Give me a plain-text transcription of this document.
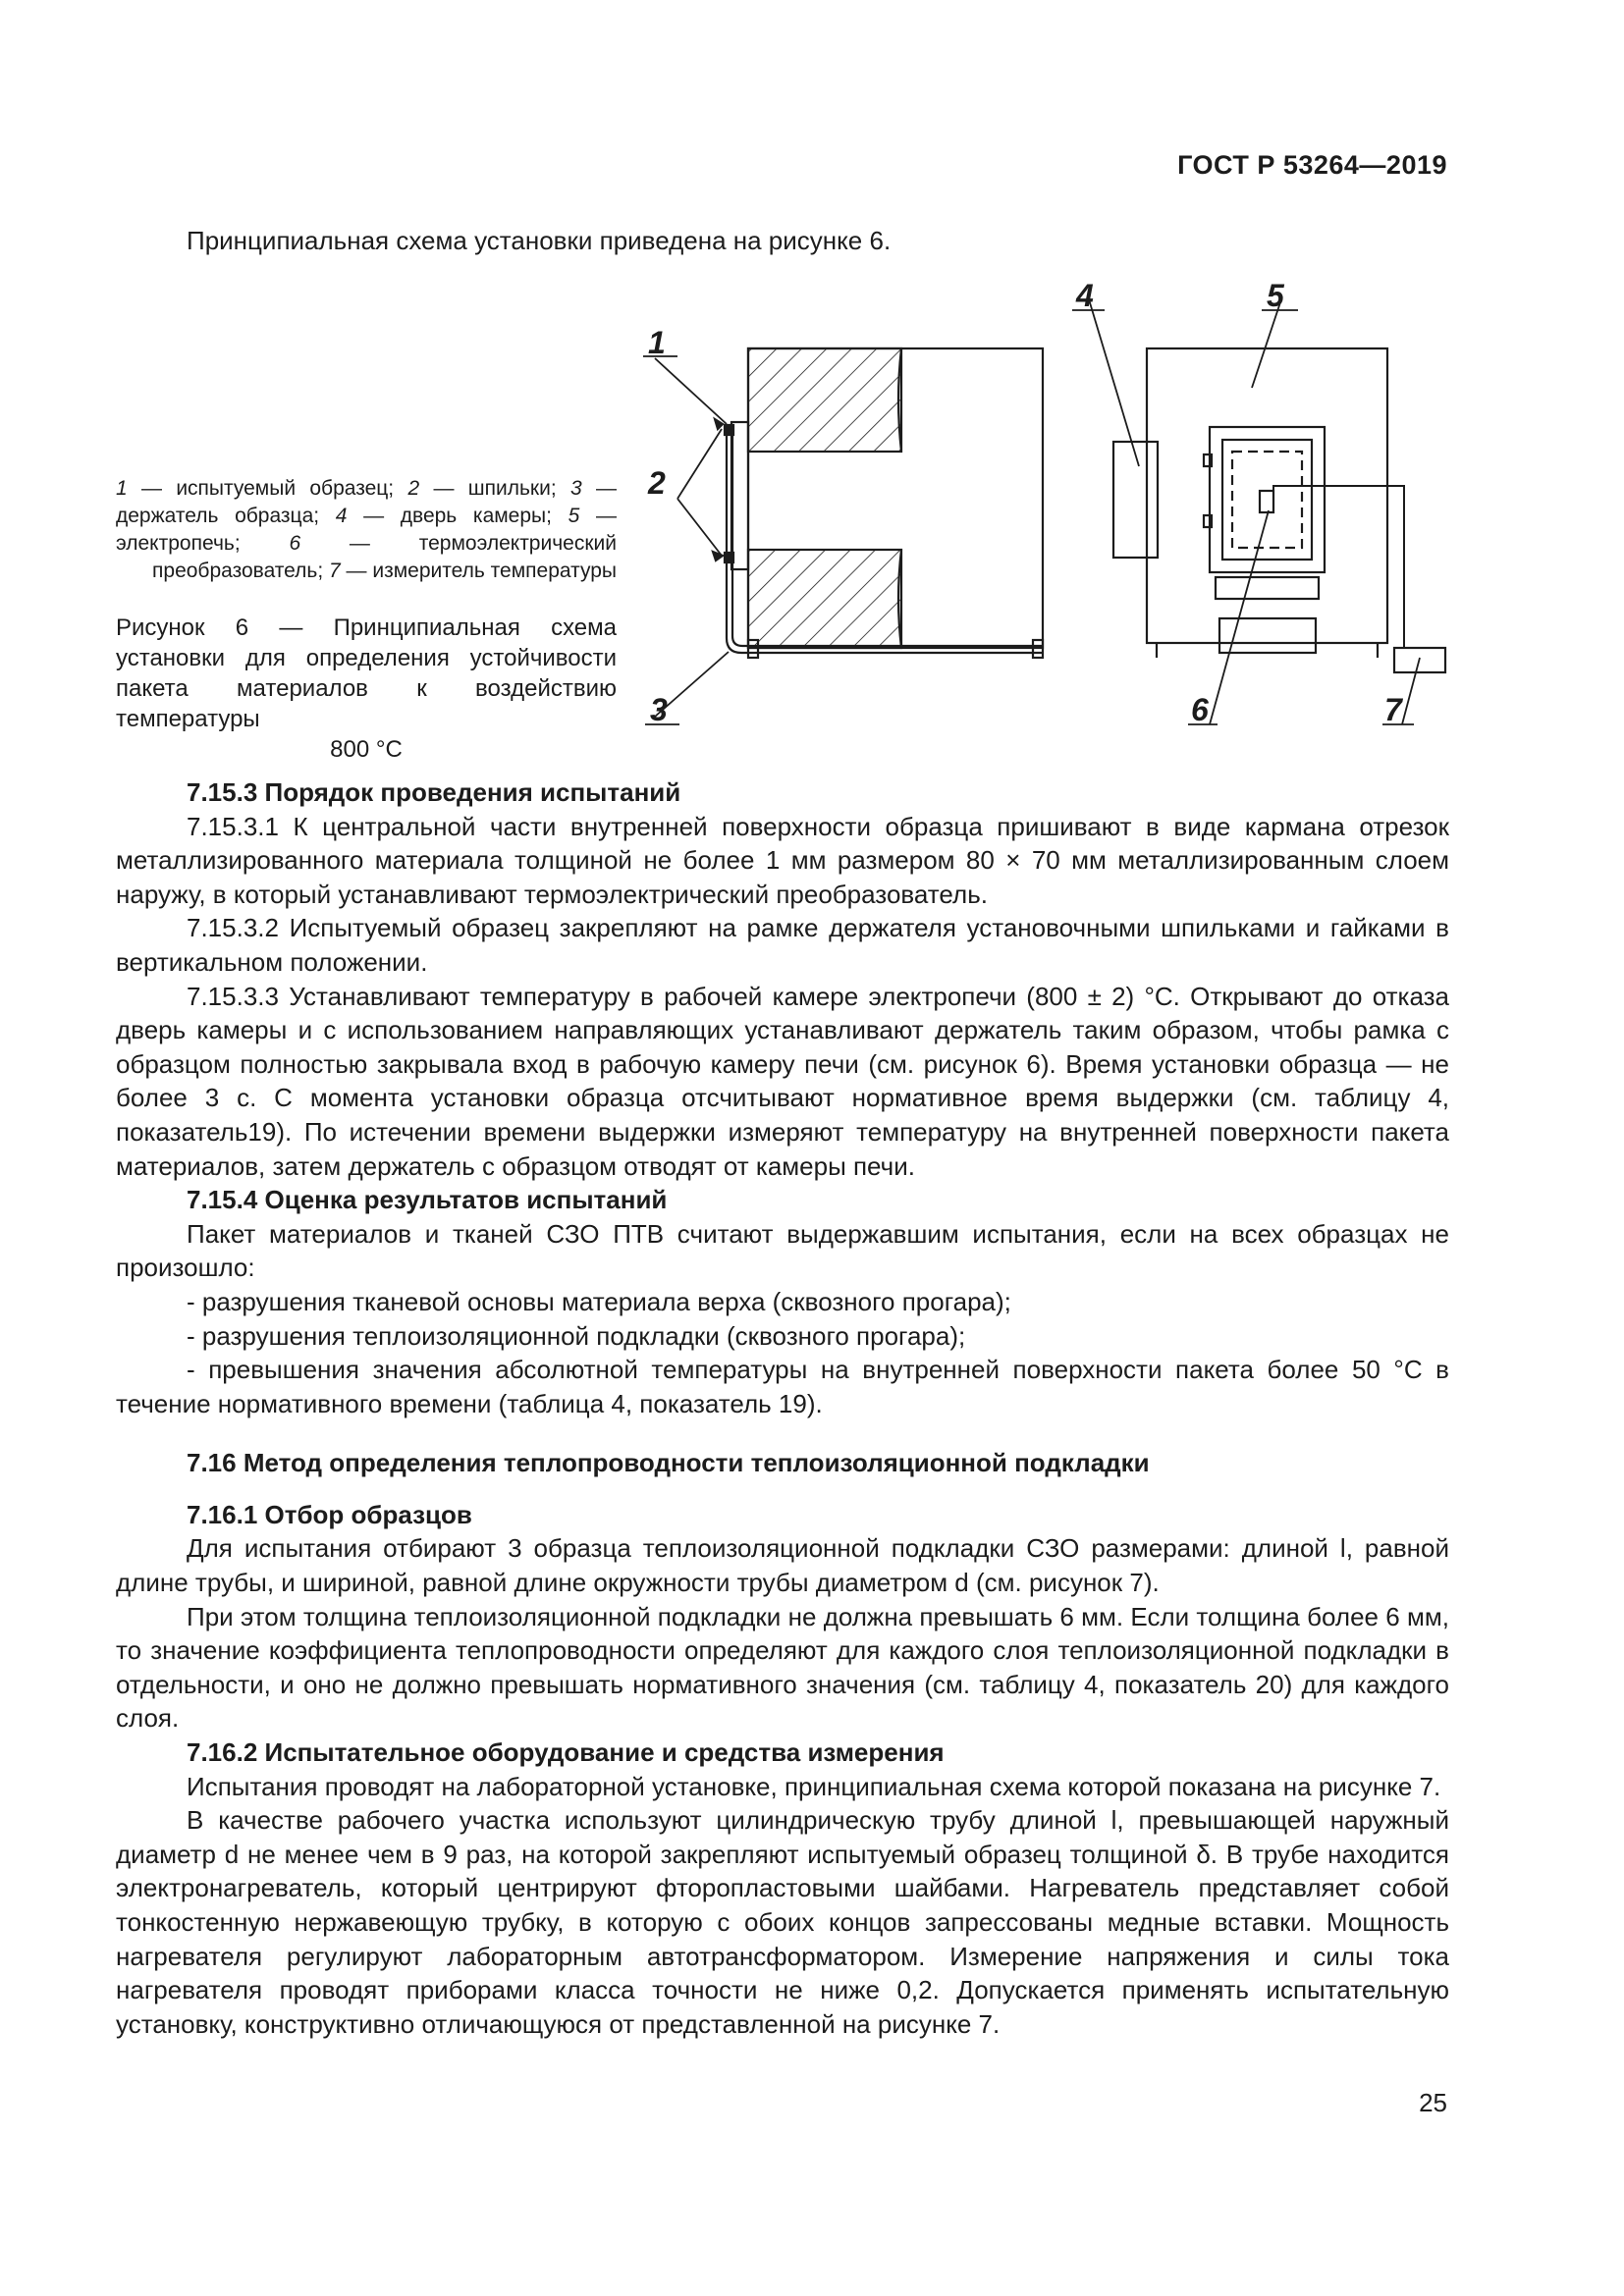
ГОСТ Р 53264—2019
Принципиальная схема установки приведена на рисунке 6.
1 — испытуемый образец; 2 — шпильки; 3 — держатель образца; 4 — дверь камеры; 5 — электропечь; 6 — термоэлектрический преобразователь; 7 — измеритель температуры
Рисунок 6 — Принципиальная схема установки для определения устойчивости пакета материалов к воздействию температуры
800 °C
1
2
3
4	5
6	7

7.15.3 Порядок проведения испытаний

7.15.3.1 К центральной части внутренней поверхности образца пришивают в виде кармана отрезок металлизированного материала толщиной не более 1 мм размером 80 × 70 мм металлизированным слоем наружу, в который устанавливают термоэлектрический преобразователь.

7.15.3.2 Испытуемый образец закрепляют на рамке держателя установочными шпильками и гайками в вертикальном положении.

7.15.3.3 Устанавливают температуру в рабочей камере электропечи (800 ± 2) °С. Открывают до отказа дверь камеры и с использованием направляющих устанавливают держатель таким образом, чтобы рамка с образцом полностью закрывала вход в рабочую камеру печи (см. рисунок 6). Время установки образца — не более 3 с. С момента установки образца отсчитывают нормативное время выдержки (см. таблицу 4, показатель19). По истечении времени выдержки измеряют температуру на внутренней поверхности пакета материалов, затем держатель с образцом отводят от камеры печи.

7.15.4 Оценка результатов испытаний

Пакет материалов и тканей СЗО ПТВ считают выдержавшим испытания, если на всех образцах не произошло:

- разрушения тканевой основы материала верха (сквозного прогара);

- разрушения теплоизоляционной подкладки (сквозного прогара);

- превышения значения абсолютной температуры на внутренней поверхности пакета более 50 °С в течение нормативного времени (таблица 4, показатель 19).

7.16 Метод определения теплопроводности теплоизоляционной подкладки

7.16.1 Отбор образцов

Для испытания отбирают 3 образца теплоизоляционной подкладки СЗО размерами: длиной l, равной длине трубы, и шириной, равной длине окружности трубы диаметром d (см. рисунок 7).

При этом толщина теплоизоляционной подкладки не должна превышать 6 мм. Если толщина более 6 мм, то значение коэффициента теплопроводности определяют для каждого слоя теплоизоляционной подкладки в отдельности, и оно не должно превышать нормативного значения (см. таблицу 4, показатель 20) для каждого слоя.

7.16.2 Испытательное оборудование и средства измерения

Испытания проводят на лабораторной установке, принципиальная схема которой показана на рисунке 7.

В качестве рабочего участка используют цилиндрическую трубу длиной l, превышающей наружный диаметр d не менее чем в 9 раз, на которой закрепляют испытуемый образец толщиной δ. В трубе находится электронагреватель, который центрируют фторопластовыми шайбами. Нагреватель представляет собой тонкостенную нержавеющую трубку, в которую с обоих концов запрессованы медные вставки. Мощность нагревателя регулируют лабораторным автотрансформатором. Измерение напряжения и силы тока нагревателя проводят приборами класса точности не ниже 0,2. Допускается применять испытательную установку, конструктивно отличающуюся от представленной на рисунке 7.

25
